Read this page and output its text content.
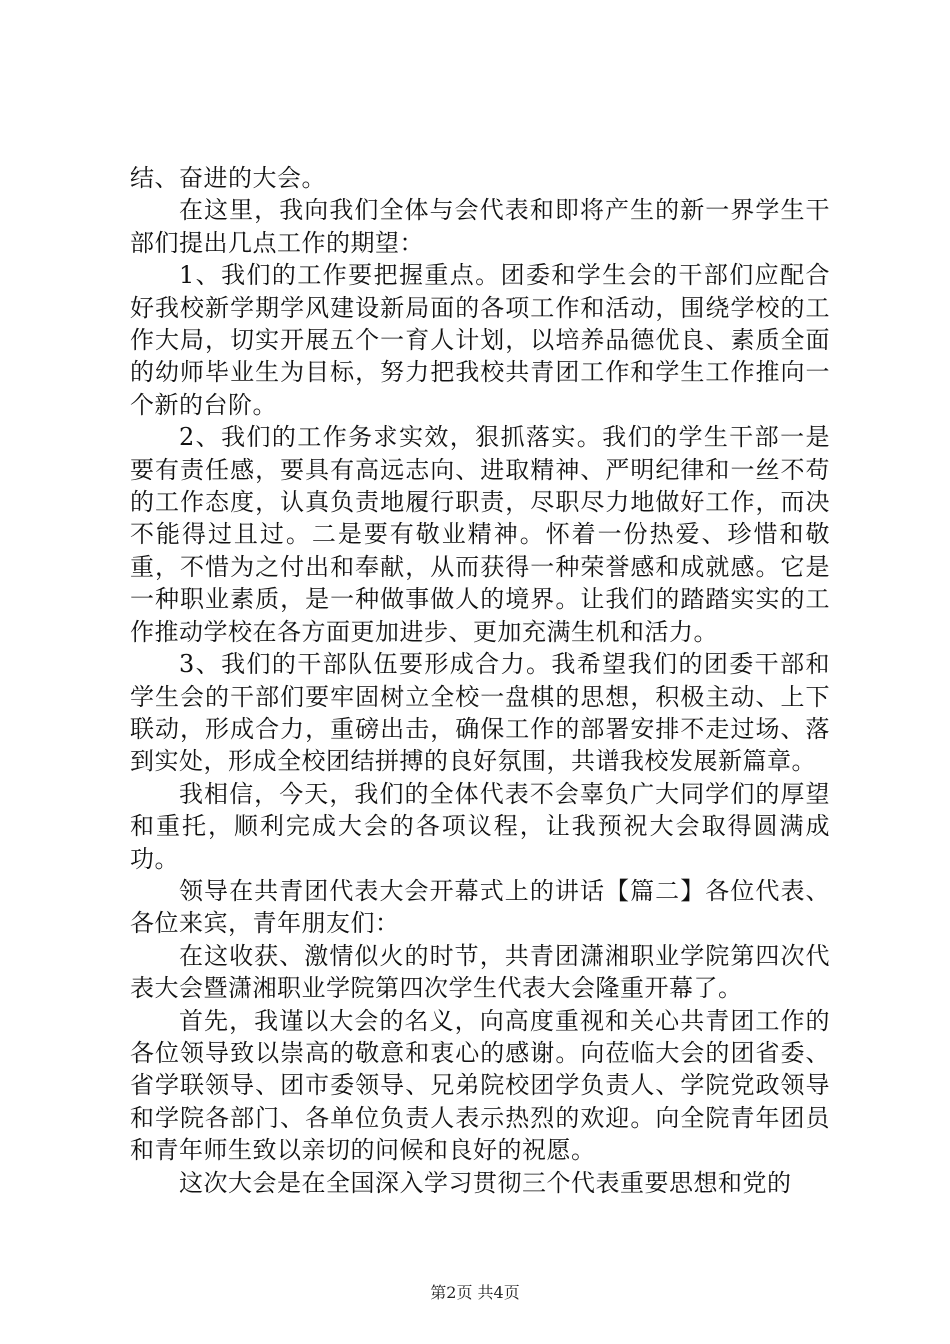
结、奋进的大会。

在这里，我向我们全体与会代表和即将产生的新一界学生干部们提出几点工作的期望：

1、我们的工作要把握重点。团委和学生会的干部们应配合好我校新学期学风建设新局面的各项工作和活动，围绕学校的工作大局，切实开展五个一育人计划，以培养品德优良、素质全面的幼师毕业生为目标，努力把我校共青团工作和学生工作推向一个新的台阶。

2、我们的工作务求实效，狠抓落实。我们的学生干部一是要有责任感，要具有高远志向、进取精神、严明纪律和一丝不苟的工作态度，认真负责地履行职责，尽职尽力地做好工作，而决不能得过且过。二是要有敬业精神。怀着一份热爱、珍惜和敬重，不惜为之付出和奉献，从而获得一种荣誉感和成就感。它是一种职业素质，是一种做事做人的境界。让我们的踏踏实实的工作推动学校在各方面更加进步、更加充满生机和活力。

3、我们的干部队伍要形成合力。我希望我们的团委干部和学生会的干部们要牢固树立全校一盘棋的思想，积极主动、上下联动，形成合力，重磅出击，确保工作的部署安排不走过场、落到实处，形成全校团结拼搏的良好氛围，共谱我校发展新篇章。

我相信，今天，我们的全体代表不会辜负广大同学们的厚望和重托，顺利完成大会的各项议程，让我预祝大会取得圆满成功。

领导在共青团代表大会开幕式上的讲话【篇二】各位代表、各位来宾，青年朋友们：

在这收获、激情似火的时节，共青团潇湘职业学院第四次代表大会暨潇湘职业学院第四次学生代表大会隆重开幕了。

首先，我谨以大会的名义，向高度重视和关心共青团工作的各位领导致以崇高的敬意和衷心的感谢。向莅临大会的团省委、省学联领导、团市委领导、兄弟院校团学负责人、学院党政领导和学院各部门、各单位负责人表示热烈的欢迎。向全院青年团员和青年师生致以亲切的问候和良好的祝愿。

这次大会是在全国深入学习贯彻三个代表重要思想和党的

第2页 共4页
